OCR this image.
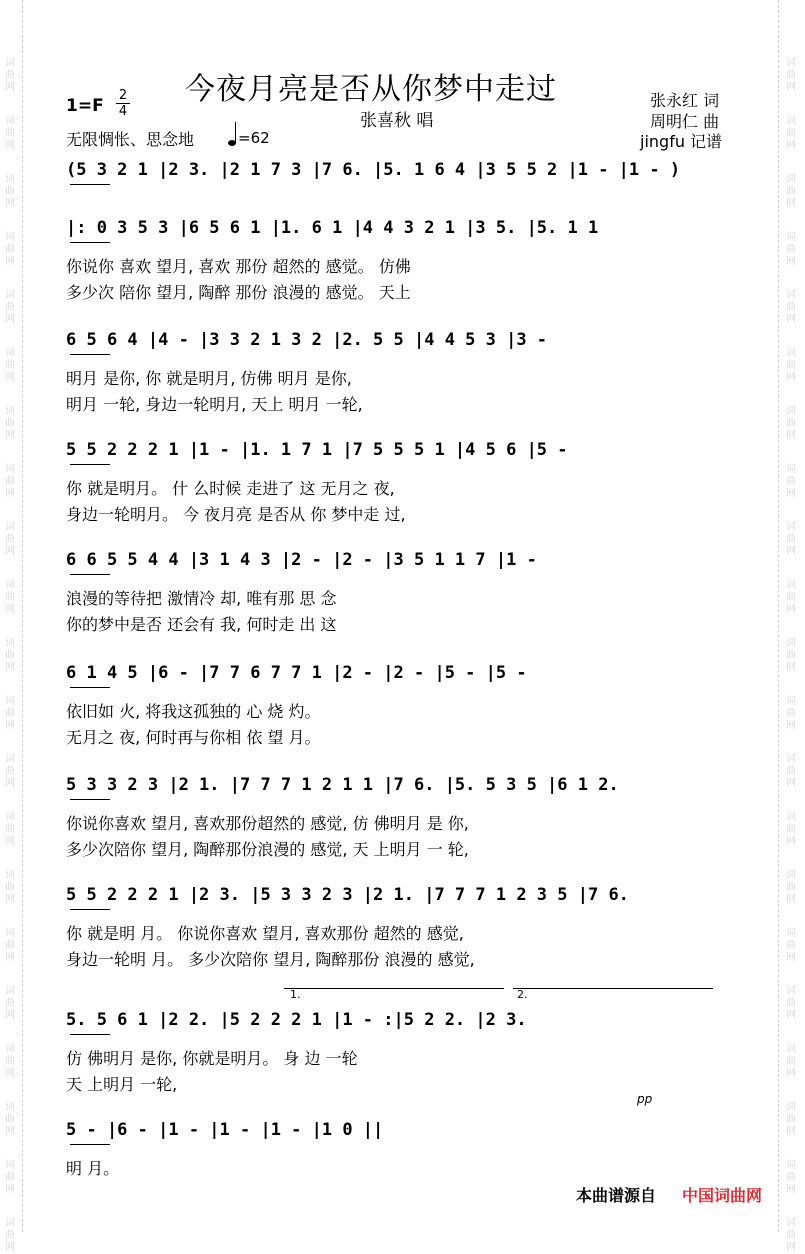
词
曲
网
词
曲
网
词
曲
网
词
曲
网
词
曲
网
词
曲
网
词
曲
网
词
曲
网
词
曲
网
词
曲
网
词
曲
网
词
曲
网
词
曲
网
词
曲
网
词
曲
网
词
曲
网
词
曲
网
词
曲
网
词
曲
网
词
曲
网
词
曲
网
词
曲
网
词
曲
网
词
曲
网
词
曲
网
词
曲
网
词
曲
网
词
曲
网
词
曲
网
词
曲
网
词
曲
网
词
曲
网
词
曲
网
词
曲
网
词
曲
网
词
曲
网
词
曲
网
词
曲
网
词
曲
网
词
曲
网
词
曲
网
词
曲
网
今夜月亮是否从你梦中走过
张喜秋 唱
1=F
2
4
无限惆怅、思念地	=62
张永红 词
周明仁 曲
jingfu 记谱
(5 3 2 1 |2 3. |2 1 7 3 |7 6. |5. 1 6 4 |3 5 5 2 |1 - |1 - )
|: 0 3 5 3 |6 5 6 1 |1. 6 1 |4 4 3 2 1 |3 5. |5. 1 1
你说你 喜欢 望月, 喜欢 那份 超然的 感觉。 仿佛
多少次 陪你 望月, 陶醉 那份 浪漫的 感觉。 天上
6 5 6 4 |4 - |3 3 2 1 3 2 |2. 5 5 |4 4 5 3 |3 -
明月 是你, 你 就是明月, 仿佛 明月 是你,
明月 一轮, 身边一轮明月, 天上 明月 一轮,
5 5 2 2 2 1 |1 - |1. 1 7 1 |7 5 5 5 1 |4 5 6 |5 -
你 就是明月。 什 么时候 走进了 这 无月之 夜,
身边一轮明月。 今 夜月亮 是否从 你 梦中走 过,
6 6 5 5 4 4 |3 1 4 3 |2 - |2 - |3 5 1 1 7 |1 -
浪漫的等待把 激情冷 却, 唯有那 思 念
你的梦中是否 还会有 我, 何时走 出 这
6 1 4 5 |6 - |7 7 6 7 7 1 |2 - |2 - |5 - |5 -
依旧如 火, 将我这孤独的 心 烧 灼。
无月之 夜, 何时再与你相 依 望 月。
5 3 3 2 3 |2 1. |7 7 7 1 2 1 1 |7 6. |5. 5 3 5 |6 1 2.
你说你喜欢 望月, 喜欢那份超然的 感觉, 仿 佛明月 是 你,
多少次陪你 望月, 陶醉那份浪漫的 感觉, 天 上明月 一 轮,
5 5 2 2 2 1 |2 3. |5 3 3 2 3 |2 1. |7 7 7 1 2 3 5 |7 6.
你 就是明 月。 你说你喜欢 望月, 喜欢那份 超然的 感觉,
身边一轮明 月。 多少次陪你 望月, 陶醉那份 浪漫的 感觉,
5. 5 6 1 |2 2. |5 2 2 2 1 |1 - :|5 2 2. |2 3.
仿 佛明月 是你, 你就是明月。 身 边 一轮
天 上明月 一轮,
5 - |6 - |1 - |1 - |1 - |1 0 ||
明 月。
1.	2.
pp
本曲谱源自 中国词曲网
